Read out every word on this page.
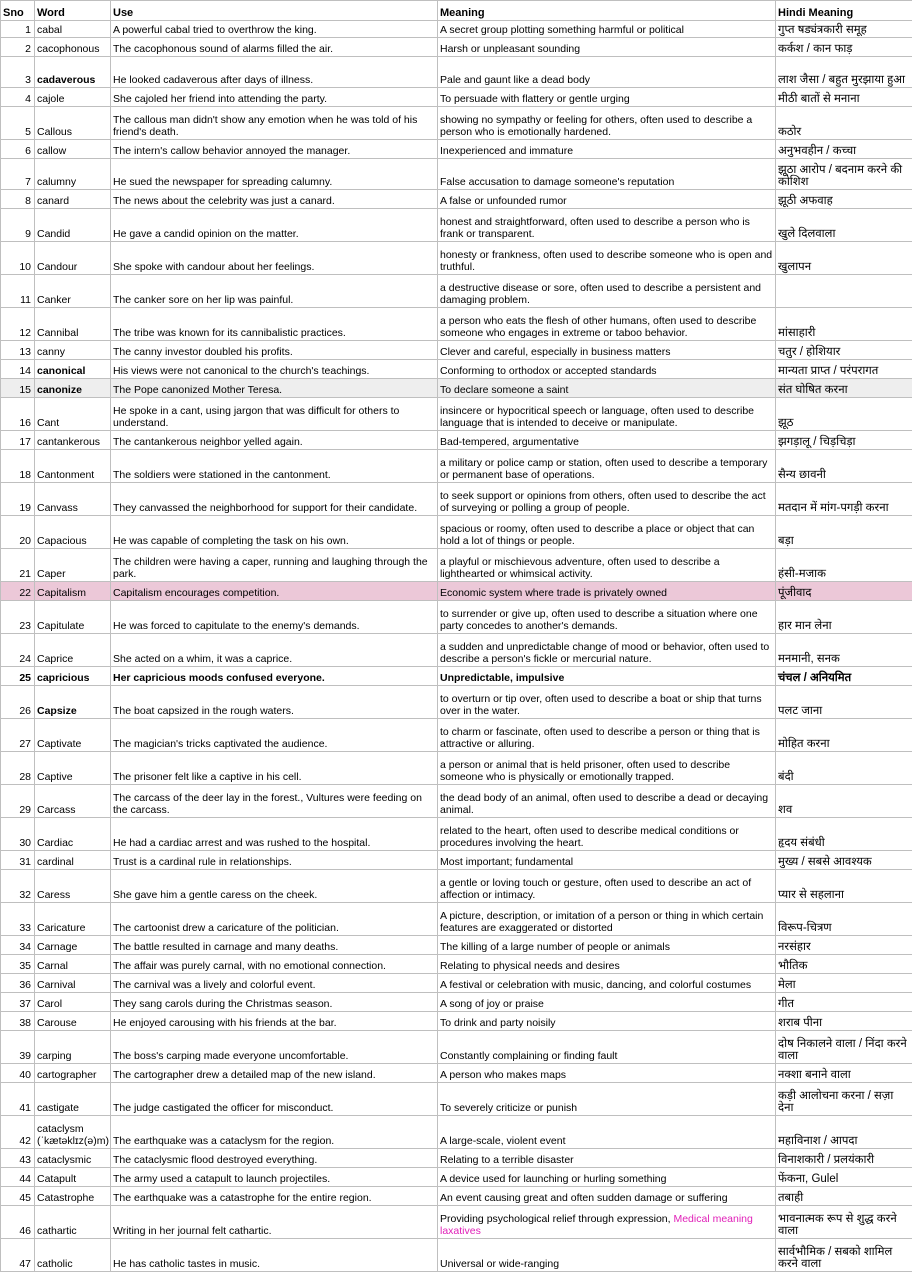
Sno	Word	Use	Meaning	Hindi Meaning
1	cabal	A powerful cabal tried to overthrow the king.	A secret group plotting something harmful or political	गुप्त षड्यंत्रकारी समूह
2	cacophonous	The cacophonous sound of alarms filled the air.	Harsh or unpleasant sounding	कर्कश / कान फाड़
3	cadaverous	He looked cadaverous after days of illness.	Pale and gaunt like a dead body	लाश जैसा / बहुत मुरझाया हुआ
4	cajole	She cajoled her friend into attending the party.	To persuade with flattery or gentle urging	मीठी बातों से मनाना
5	Callous	The callous man didn't show any emotion when he was told of his friend's death.	showing no sympathy or feeling for others, often used to describe a person who is emotionally hardened.	कठोर
6	callow	The intern's callow behavior annoyed the manager.	Inexperienced and immature	अनुभवहीन / कच्चा
7	calumny	He sued the newspaper for spreading calumny.	False accusation to damage someone's reputation	झूठा आरोप / बदनाम करने की कोशिश
8	canard	The news about the celebrity was just a canard.	A false or unfounded rumor	झूठी अफवाह
9	Candid	He gave a candid opinion on the matter.	honest and straightforward, often used to describe a person who is frank or transparent.	खुले दिलवाला
10	Candour	She spoke with candour about her feelings.	honesty or frankness, often used to describe someone who is open and truthful.	खुलापन
11	Canker	The canker sore on her lip was painful.	a destructive disease or sore, often used to describe a persistent and damaging problem.	
12	Cannibal	The tribe was known for its cannibalistic practices.	a person who eats the flesh of other humans, often used to describe someone who engages in extreme or taboo behavior.	मांसाहारी
13	canny	The canny investor doubled his profits.	Clever and careful, especially in business matters	चतुर / होशियार
14	canonical	His views were not canonical to the church's teachings.	Conforming to orthodox or accepted standards	मान्यता प्राप्त / परंपरागत
15	canonize	The Pope canonized Mother Teresa.	To declare someone a saint	संत घोषित करना
16	Cant	He spoke in a cant, using jargon that was difficult for others to understand.	insincere or hypocritical speech or language, often used to describe language that is intended to deceive or manipulate.	झूठ
17	cantankerous	The cantankerous neighbor yelled again.	Bad-tempered, argumentative	झगड़ालू / चिड़चिड़ा
18	Cantonment	The soldiers were stationed in the cantonment.	a military or police camp or station, often used to describe a temporary or permanent base of operations.	सैन्य छावनी
19	Canvass	They canvassed the neighborhood for support for their candidate.	to seek support or opinions from others, often used to describe the act of surveying or polling a group of people.	मतदान में मांग-पगड़ी करना
20	Capacious	He was capable of completing the task on his own.	spacious or roomy, often used to describe a place or object that can hold a lot of things or people.	बड़ा
21	Caper	The children were having a caper, running and laughing through the park.	a playful or mischievous adventure, often used to describe a lighthearted or whimsical activity.	हंसी-मजाक
22	Capitalism	Capitalism encourages competition.	Economic system where trade is privately owned	पूंजीवाद
23	Capitulate	He was forced to capitulate to the enemy's demands.	to surrender or give up, often used to describe a situation where one party concedes to another's demands.	हार मान लेना
24	Caprice	She acted on a whim, it was a caprice.	a sudden and unpredictable change of mood or behavior, often used to describe a person's fickle or mercurial nature.	मनमानी, सनक
25	capricious	Her capricious moods confused everyone.	Unpredictable, impulsive	चंचल / अनियमित
26	Capsize	The boat capsized in the rough waters.	to overturn or tip over, often used to describe a boat or ship that turns over in the water.	पलट जाना
27	Captivate	The magician's tricks captivated the audience.	to charm or fascinate, often used to describe a person or thing that is attractive or alluring.	मोहित करना
28	Captive	The prisoner felt like a captive in his cell.	a person or animal that is held prisoner, often used to describe someone who is physically or emotionally trapped.	बंदी
29	Carcass	The carcass of the deer lay in the forest., Vultures were feeding on the carcass.	the dead body of an animal, often used to describe a dead or decaying animal.	शव
30	Cardiac	He had a cardiac arrest and was rushed to the hospital.	related to the heart, often used to describe medical conditions or procedures involving the heart.	हृदय संबंधी
31	cardinal	Trust is a cardinal rule in relationships.	Most important; fundamental	मुख्य / सबसे आवश्यक
32	Caress	She gave him a gentle caress on the cheek.	a gentle or loving touch or gesture, often used to describe an act of affection or intimacy.	प्यार से सहलाना
33	Caricature	The cartoonist drew a caricature of the politician.	A picture, description, or imitation of a person or thing in which certain features are exaggerated or distorted	विरूप-चित्रण
34	Carnage	The battle resulted in carnage and many deaths.	The killing of a large number of people or animals	नरसंहार
35	Carnal	The affair was purely carnal, with no emotional connection.	Relating to physical needs and desires	भौतिक
36	Carnival	The carnival was a lively and colorful event.	A festival or celebration with music, dancing, and colorful costumes	मेला
37	Carol	They sang carols during the Christmas season.	A song of joy or praise	गीत
38	Carouse	He enjoyed carousing with his friends at the bar.	To drink and party noisily	शराब पीना
39	carping	The boss's carping made everyone uncomfortable.	Constantly complaining or finding fault	दोष निकालने वाला / निंदा करने वाला
40	cartographer	The cartographer drew a detailed map of the new island.	A person who makes maps	नक्शा बनाने वाला
41	castigate	The judge castigated the officer for misconduct.	To severely criticize or punish	कड़ी आलोचना करना / सज़ा देना
42	cataclysm (ˈkætəklɪz(ə)m)	The earthquake was a cataclysm for the region.	A large-scale, violent event	महाविनाश / आपदा
43	cataclysmic	The cataclysmic flood destroyed everything.	Relating to a terrible disaster	विनाशकारी / प्रलयंकारी
44	Catapult	The army used a catapult to launch projectiles.	A device used for launching or hurling something	फेंकना, Gulel
45	Catastrophe	The earthquake was a catastrophe for the entire region.	An event causing great and often sudden damage or suffering	तबाही
46	cathartic	Writing in her journal felt cathartic.	Providing psychological relief through expression, Medical meaning laxatives	भावनात्मक रूप से शुद्ध करने वाला
47	catholic	He has catholic tastes in music.	Universal or wide-ranging	सार्वभौमिक / सबको शामिल करने वाला
